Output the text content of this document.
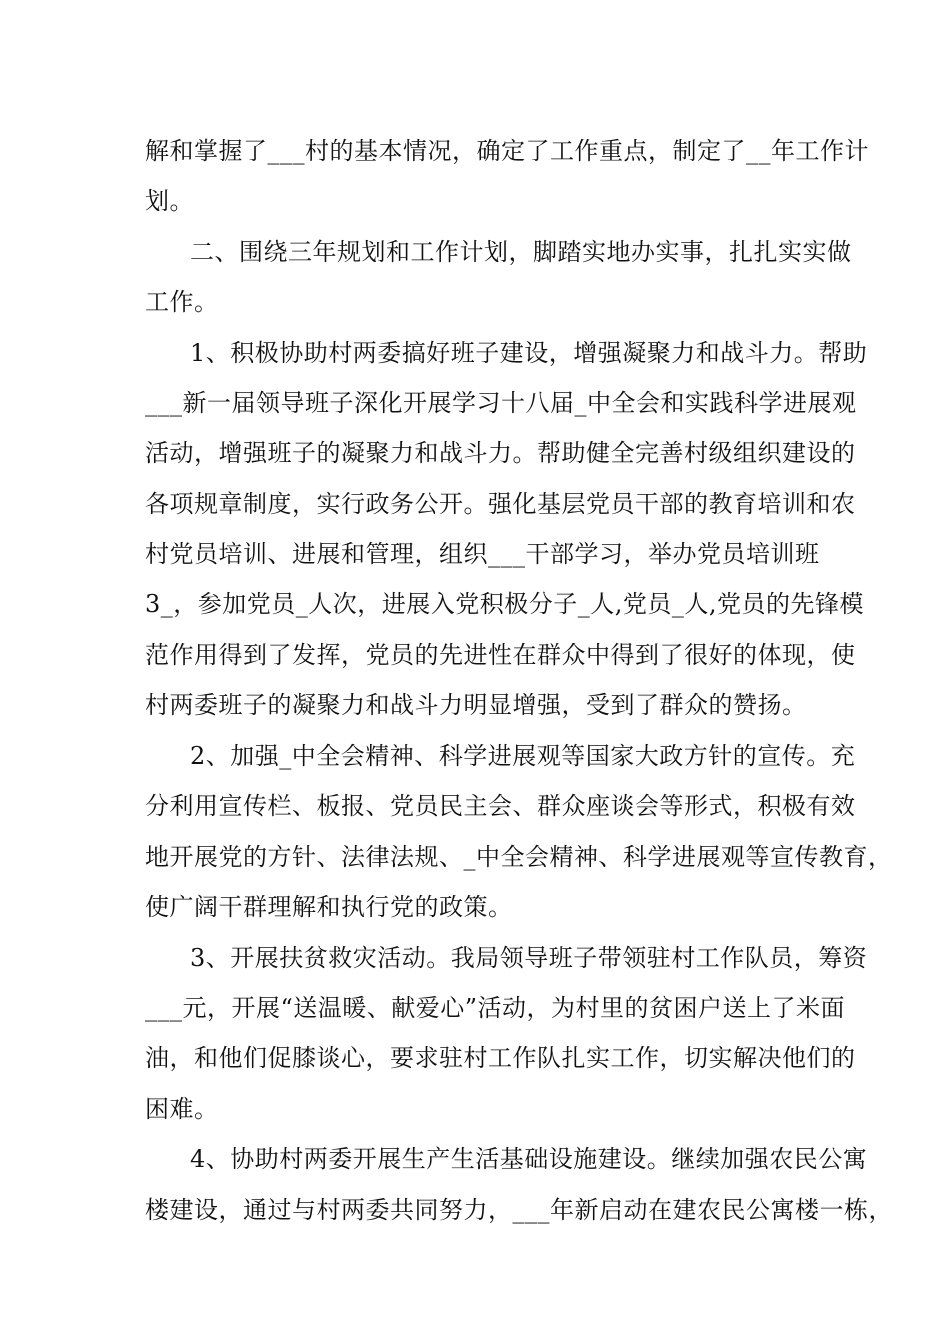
解和掌握了___村的基本情况，确定了工作重点，制定了__年工作计
划。
二、围绕三年规划和工作计划，脚踏实地办实事，扎扎实实做
工作。
1、积极协助村两委搞好班子建设，增强凝聚力和战斗力。帮助
___新一届领导班子深化开展学习十八届_中全会和实践科学进展观
活动，增强班子的凝聚力和战斗力。帮助健全完善村级组织建设的
各项规章制度，实行政务公开。强化基层党员干部的教育培训和农
村党员培训、进展和管理，组织___干部学习，举办党员培训班
3_，参加党员_人次，进展入党积极分子_人,党员_人,党员的先锋模
范作用得到了发挥，党员的先进性在群众中得到了很好的体现，使
村两委班子的凝聚力和战斗力明显增强，受到了群众的赞扬。
2、加强_中全会精神、科学进展观等国家大政方针的宣传。充
分利用宣传栏、板报、党员民主会、群众座谈会等形式，积极有效
地开展党的方针、法律法规、_中全会精神、科学进展观等宣传教育，
使广阔干群理解和执行党的政策。
3、开展扶贫救灾活动。我局领导班子带领驻村工作队员，筹资
___元，开展“送温暖、献爱心”活动，为村里的贫困户送上了米面
油，和他们促膝谈心，要求驻村工作队扎实工作，切实解决他们的
困难。
4、协助村两委开展生产生活基础设施建设。继续加强农民公寓
楼建设，通过与村两委共同努力，___年新启动在建农民公寓楼一栋，
